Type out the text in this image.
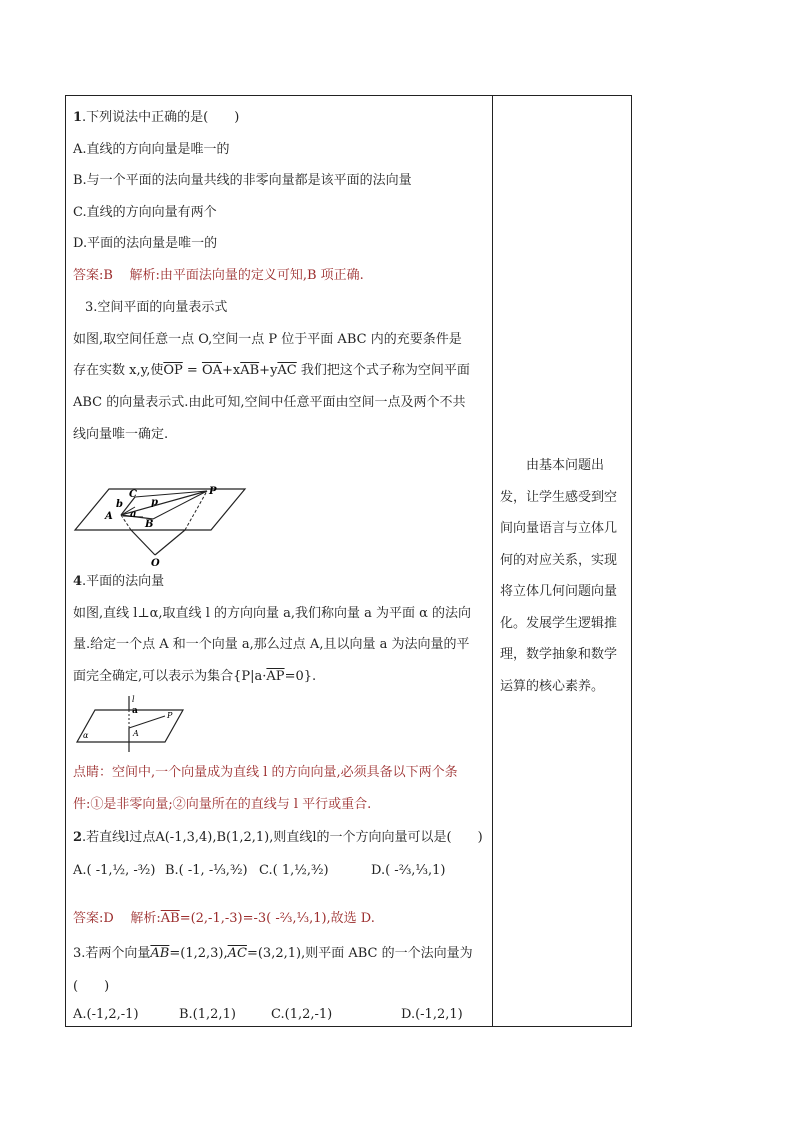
1.下列说法中正确的是(　　)
A.直线的方向向量是唯一的
B.与一个平面的法向量共线的非零向量都是该平面的法向量
C.直线的方向向量有两个
D.平面的法向量是唯一的
答案:B 解析:由平面法向量的定义可知,B 项正确.
3.空间平面的向量表示式
如图,取空间任意一点 O,空间一点 P 位于平面 ABC 内的充要条件是
存在实数 x,y,使$\overline{OP} = \overline{OA}+x\overline{AB}+y\overline{AC}$ 我们把这个式子称为空间平面
ABC 的向量表示式.由此可知,空间中任意平面由空间一点及两个不共
线向量唯一确定.
C
b	p
P
A a
B
O
4.平面的法向量
如图,直线 l⊥α,取直线 l 的方向向量 a,我们称向量 a 为平面 α 的法向
量.给定一个点 A 和一个向量 a,那么过点 A,且以向量 a 为法向量的平
面完全确定,可以表示为集合$\{P|a\cdot\overline{AP}=0\}$.
l
a	P
A
α
点睛：空间中,一个向量成为直线 l 的方向向量,必须具备以下两个条
件:①是非零向量;②向量所在的直线与 l 平行或重合.
2.若直线l过点A(-1,3,4),B(1,2,1),则直线l的一个方向向量可以是(　　)
A.( -1,½, -³⁄₂) B.( -1, -⅓,³⁄₂) C.( 1,½,³⁄₂)	D.( -⅔,⅓,1)
答案:D 解析$:\overline{AB}=(2,-1,-3)=-3$( -⅔,⅓,1),故选 D.
3.若两个向量$\overline{AB}=(1,2,3),\overline{AC}=(3,2,1)$,则平面 ABC 的一个法向量为
(　　)
A.(-1,2,-1)	B.(1,2,1)	C.(1,2,-1)	D.(-1,2,1)
由基本问题出发，让学生感受到空间向量语言与立体几何的对应关系，实现将立体几何问题向量化。发展学生逻辑推理，数学抽象和数学运算的核心素养。
